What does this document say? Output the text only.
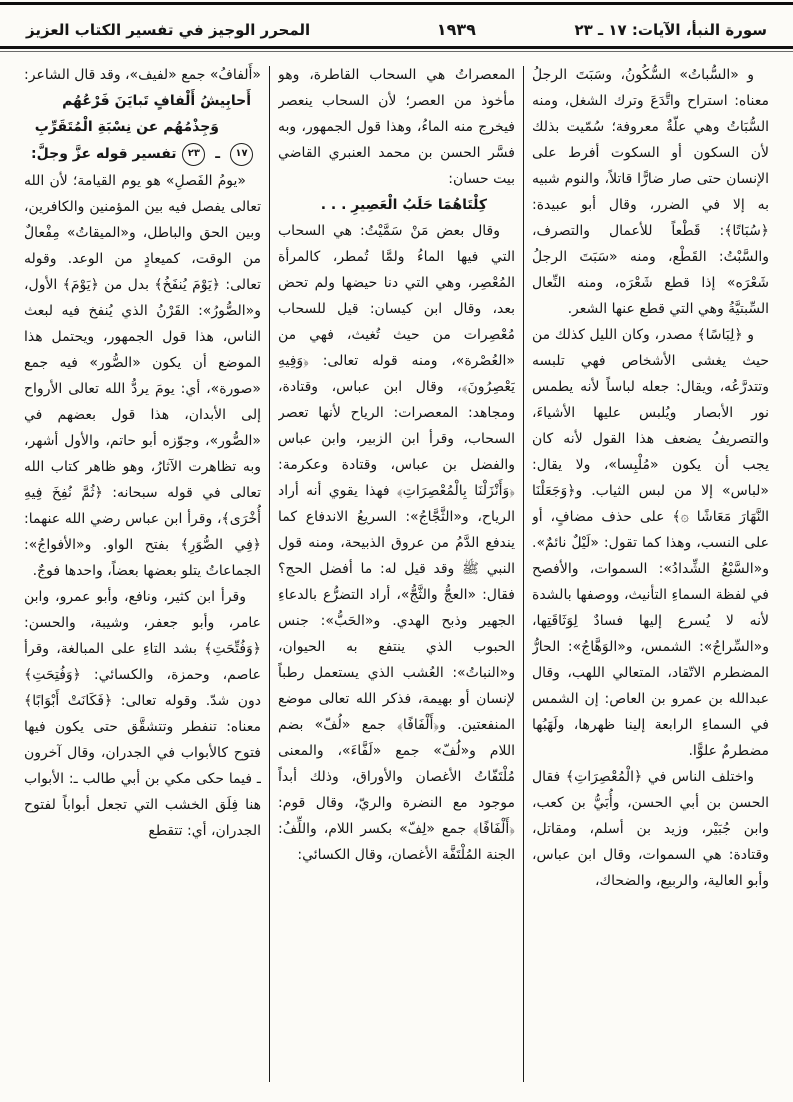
سورة النبأ، الآيات: ١٧ ـ ٢٣
١٩٣٩
المحرر الوجيز في تفسير الكتاب العزيز

و «السُّباتُ» السُّكُونُ، وسَبَتَ الرجلُ معناه: استراح واتَّدَعَ وترك الشغل، ومنه السُّبَاتُ وهي علّةٌ معروفة؛ سُمّيت بذلك لأن السكون أو السكوت أفرط على الإنسان حتى صار ضارًّا قاتلاً، والنوم شبيه به إلا في الضرر، وقال أبو عبيدة: ﴿سُبَاتًا﴾: قَطْعاً للأعمال والتصرف، والسَّبْتُ: القَطْع، ومنه «سَبَتَ الرجلُ شَعْرَه» إذا قطع شَعْرَه، ومنه النِّعال السِّبتيَّةُ وهي التي قطع عنها الشعر.

و ﴿لِبَاسًا﴾ مصدر، وكان الليل كذلك من حيث يغشى الأشخاص فهي تلبسه وتتدرَّعُه، ويقال: جعله لباساً لأنه يطمس نور الأبصار ويُلبس عليها الأشياءَ، والتصريفُ يضعف هذا القول لأنه كان يجب أن يكون «مُلْبِسا»، ولا يقال: «لباس» إلا من لبس الثياب. و﴿وَجَعَلْنَا النَّهَارَ مَعَاشًا ۞﴾ على حذف مضافٍ، أو على النسب، وهذا كما تقول: «لَيْلٌ نائمٌ». و«السَّبْعُ الشِّدادُ»: السموات، والأفصح في لفظة السماءِ التأنيث، ووصفها بالشدة لأنه لا يُسرع إليها فسادٌ لِوَثَاقَتِها، و«السِّراجُ»: الشمس، و«الوَهَّاجُ»: الحارُّ المضطرم الاتّقاد، المتعالي اللهب، وقال عبدالله بن عمرو بن العاص: إن الشمس في السماءِ الرابعة إلينا ظهرها، ولَهَبُها مضطرمٌ علوًّا.

واختلف الناس في ﴿الْمُعْصِرَاتِ﴾ فقال الحسن بن أبي الحسن، وأُبَيُّ بن كعب، وابن جُبَيْر، وزيد بن أسلم، ومقاتل، وقتادة: هي السموات، وقال ابن عباس، وأبو العالية، والربيع، والضحاك،

المعصراتُ هي السحاب القاطرة، وهو مأخوذ من العصر؛ لأن السحاب ينعصر فيخرج منه الماءُ، وهذا قول الجمهور، وبه فسَّر الحسن بن محمد العنبري القاضي بيت حسان:

كِلْتَاهُمَا حَلَبُ الْعَصِيرِ . . .

وقال بعض مَنْ سَمَّيْتُ: هي السحاب التي فيها الماءُ ولمَّا تُمطر، كالمرأة المُعْصِر، وهي التي دنا حيضها ولم تحض بعد، وقال ابن كيسان: قيل للسحاب مُعْصِرات من حيث تُغيث، فهي من «العُصْرة»، ومنه قوله تعالى: ﴿وَفِيهِ يَعْصِرُونَ﴾، وقال ابن عباس، وقتادة، ومجاهد: المعصرات: الرياح لأنها تعصر السحاب، وقرأ ابن الزبير، وابن عباس والفضل بن عباس، وقتادة وعكرمة: ﴿وَأَنْزَلْنَا بِالْمُعْصِرَاتِ﴾ فهذا يقوي أنه أراد الرياح، و«الثَّجَّاجُ»: السريعُ الاندفاع كما يندفع الدَّمُ من عروق الذبيحة، ومنه قول النبي ﷺ وقد قيل له: ما أفضل الحج؟ فقال: «العجُّ والثَّجُّ»، أراد التضرُّع بالدعاءِ الجهير وذبح الهدي. و«الحَبُّ»: جنس الحبوب الذي ينتفع به الحيوان، و«النباتُ»: العُشب الذي يستعمل رطباً لإنسان أو بهيمة، فذكر الله تعالى موضع المنفعتين. و﴿أَلْفَافًا﴾ جمع «لُفّ» بضم اللام و«لُفّ» جمع «لَفَّاءَ»، والمعنى مُلْتَفّاتُ الأغصان والأوراق، وذلك أبداً موجود مع النضرة والريّ، وقال قوم: ﴿أَلْفَافًا﴾ جمع «لِفّ» بكسر اللام، واللِّفُ: الجنة المُلْتَفَّة الأغصان، وقال الكسائي:

«أَلفافُ» جمع «لفيف»، وقد قال الشاعر:

أَحابِيشُ أَلْفافٍ تَبايَنَ فَرْعُهُم

وَجِذْمُهُم عن نِسْبَةِ الْمُتَقَرِّبِ

١٧ ـ ٢٣ تفسير قوله عزَّ وجلَّ:

«يومُ الفَصلِ» هو يوم القيامة؛ لأن الله تعالى يفصل فيه بين المؤمنين والكافرين، وبين الحق والباطل، و«الميقاتُ» مِفْعالٌ من الوقت، كميعادٍ من الوعد. وقوله تعالى: ﴿يَوْمَ يُنفَخُ﴾ بدل من ﴿يَوْمَ﴾ الأول، و«الصُّورُ»: القَرْنُ الذي يُنفخ فيه لبعث الناس، هذا قول الجمهور، ويحتمل هذا الموضع أن يكون «الصُّور» فيه جمع «صورة»، أي: يومَ يردُّ الله تعالى الأرواح إلى الأبدان، هذا قول بعضهم في «الصُّور»، وجوّزه أبو حاتم، والأول أشهر، وبه تظاهرت الآثارُ، وهو ظاهر كتاب الله تعالى في قوله سبحانه: ﴿ثُمَّ نُفِخَ فِيهِ أُخْرَى﴾، وقرأ ابن عباس رضي الله عنهما: ﴿فِي الصُّوَرِ﴾ بفتح الواو. و«الأفواجُ»: الجماعاتُ يتلو بعضها بعضاً، واحدها فوجٌ.

وقرأ ابن كثير، ونافع، وأبو عمرو، وابن عامر، وأبو جعفر، وشيبة، والحسن: ﴿وَفُتِّحَتِ﴾ بشد التاءِ على المبالغة، وقرأ عاصم، وحمزة، والكسائي: ﴿وَفُتِحَتِ﴾ دون شدّ. وقوله تعالى: ﴿فَكَانَتْ أَبْوَابًا﴾ معناه: تنفطر وتتشقَّق حتى يكون فيها فتوح كالأبواب في الجدران، وقال آخرون ـ فيما حكى مكي بن أبي طالب ـ: الأبواب هنا فِلَق الخشب التي تجعل أبواباً لفتوح الجدران، أي: تتقطع
